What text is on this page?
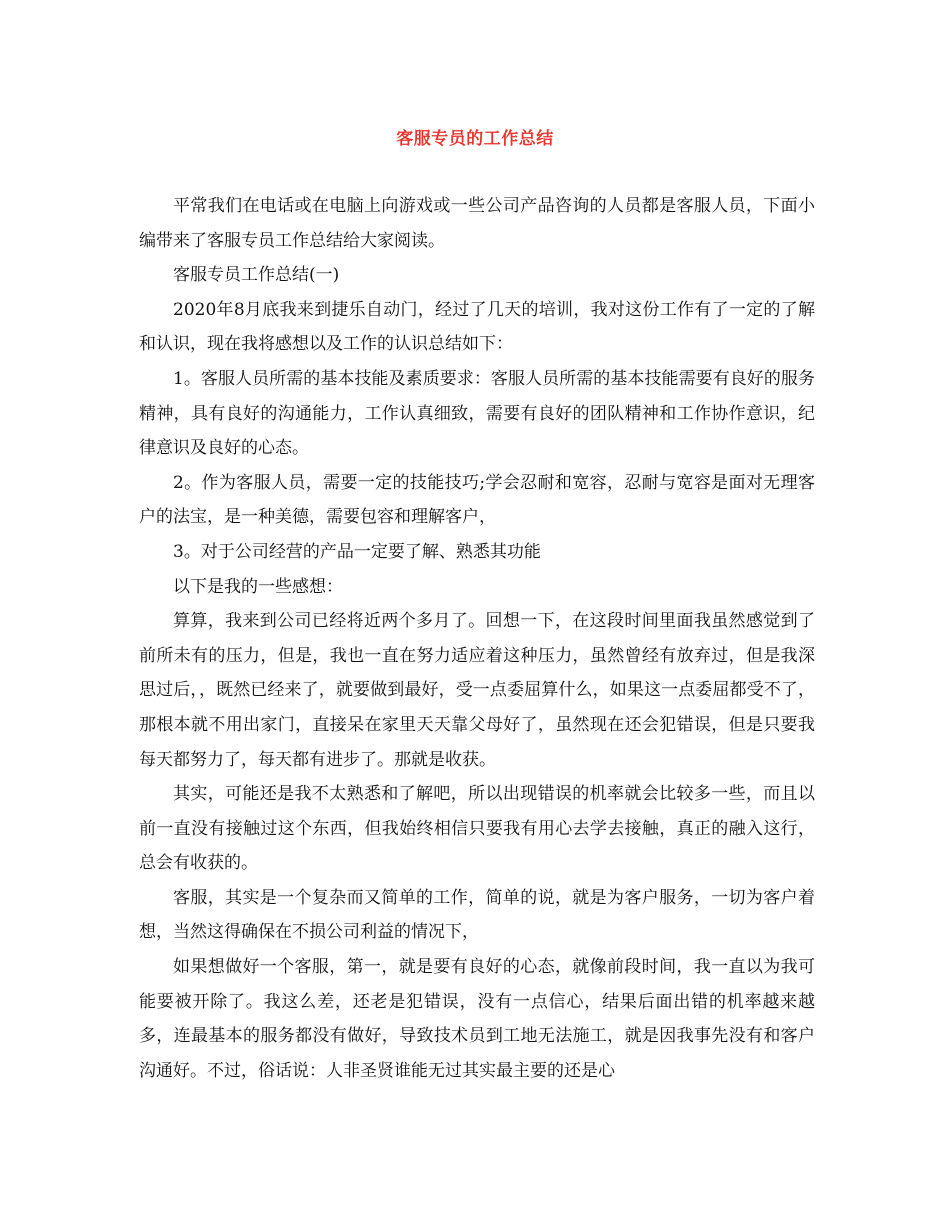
客服专员的工作总结

平常我们在电话或在电脑上向游戏或一些公司产品咨询的人员都是客服人员，下面小编带来了客服专员工作总结给大家阅读。

客服专员工作总结(一)

2020年8月底我来到捷乐自动门，经过了几天的培训，我对这份工作有了一定的了解和认识，现在我将感想以及工作的认识总结如下：

1。客服人员所需的基本技能及素质要求：客服人员所需的基本技能需要有良好的服务精神，具有良好的沟通能力，工作认真细致，需要有良好的团队精神和工作协作意识，纪律意识及良好的心态。

2。作为客服人员，需要一定的技能技巧;学会忍耐和宽容，忍耐与宽容是面对无理客户的法宝，是一种美德，需要包容和理解客户，

3。对于公司经营的产品一定要了解、熟悉其功能

以下是我的一些感想：

算算，我来到公司已经将近两个多月了。回想一下，在这段时间里面我虽然感觉到了前所未有的压力，但是，我也一直在努力适应着这种压力，虽然曾经有放弃过，但是我深思过后，，既然已经来了，就要做到最好，受一点委屈算什么，如果这一点委屈都受不了，那根本就不用出家门，直接呆在家里天天靠父母好了，虽然现在还会犯错误，但是只要我每天都努力了，每天都有进步了。那就是收获。

其实，可能还是我不太熟悉和了解吧，所以出现错误的机率就会比较多一些，而且以前一直没有接触过这个东西，但我始终相信只要我有用心去学去接触，真正的融入这行，总会有收获的。

客服，其实是一个复杂而又简单的工作，简单的说，就是为客户服务，一切为客户着想，当然这得确保在不损公司利益的情况下，

如果想做好一个客服，第一，就是要有良好的心态，就像前段时间，我一直以为我可能要被开除了。我这么差，还老是犯错误，没有一点信心，结果后面出错的机率越来越多，连最基本的服务都没有做好，导致技术员到工地无法施工，就是因我事先没有和客户沟通好。不过，俗话说：人非圣贤谁能无过其实最主要的还是心
